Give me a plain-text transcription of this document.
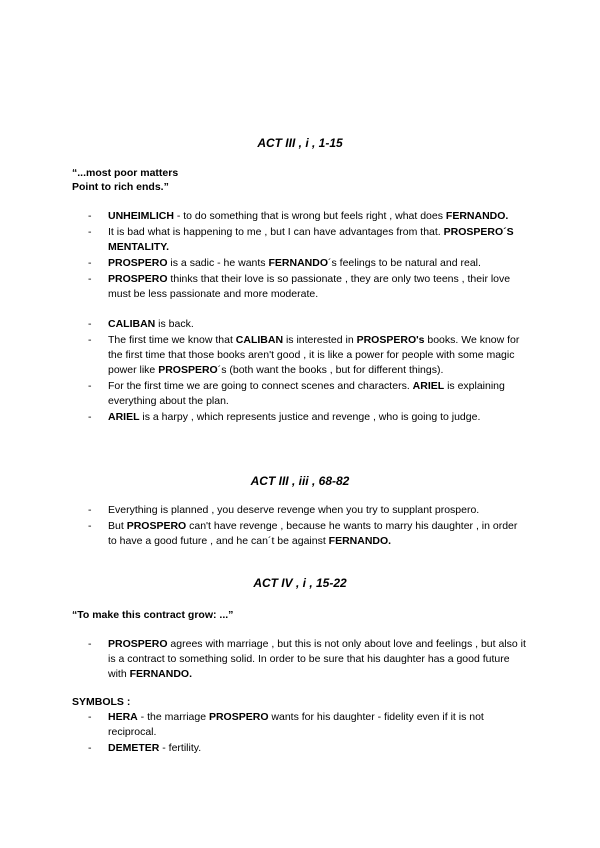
ACT III , i , 1-15
“...most poor matters
Point to rich ends.”
- UNHEIMLICH - to do something that is wrong but feels right , what does FERNANDO.
- It is bad what is happening to me , but I can have advantages from that. PROSPERO´S MENTALITY.
- PROSPERO is a sadic - he wants FERNANDO´s feelings to be natural and real.
- PROSPERO thinks that their love is so passionate , they are only two teens , their love must be less passionate and more moderate.
- CALIBAN is back.
- The first time we know that CALIBAN is interested in PROSPERO's books. We know for the first time that those books aren't good , it is like a power for people with some magic power like PROSPERO´s (both want the books , but for different things).
- For the first time we are going to connect scenes and characters. ARIEL is explaining everything about the plan.
- ARIEL is a harpy , which represents justice and revenge , who is going to judge.
ACT III , iii , 68-82
- Everything is planned , you deserve revenge when you try to supplant prospero.
- But PROSPERO can't have revenge , because he wants to marry his daughter , in order to have a good future , and he can´t be against FERNANDO.
ACT IV , i , 15-22
“To make this contract grow: ...”
- PROSPERO agrees with marriage , but this is not only about love and feelings , but also it is a contract to something solid. In order to be sure that his daughter has a good future with FERNANDO.
SYMBOLS :
- HERA - the marriage PROSPERO wants for his daughter - fidelity even if it is not reciprocal.
- DEMETER - fertility.
